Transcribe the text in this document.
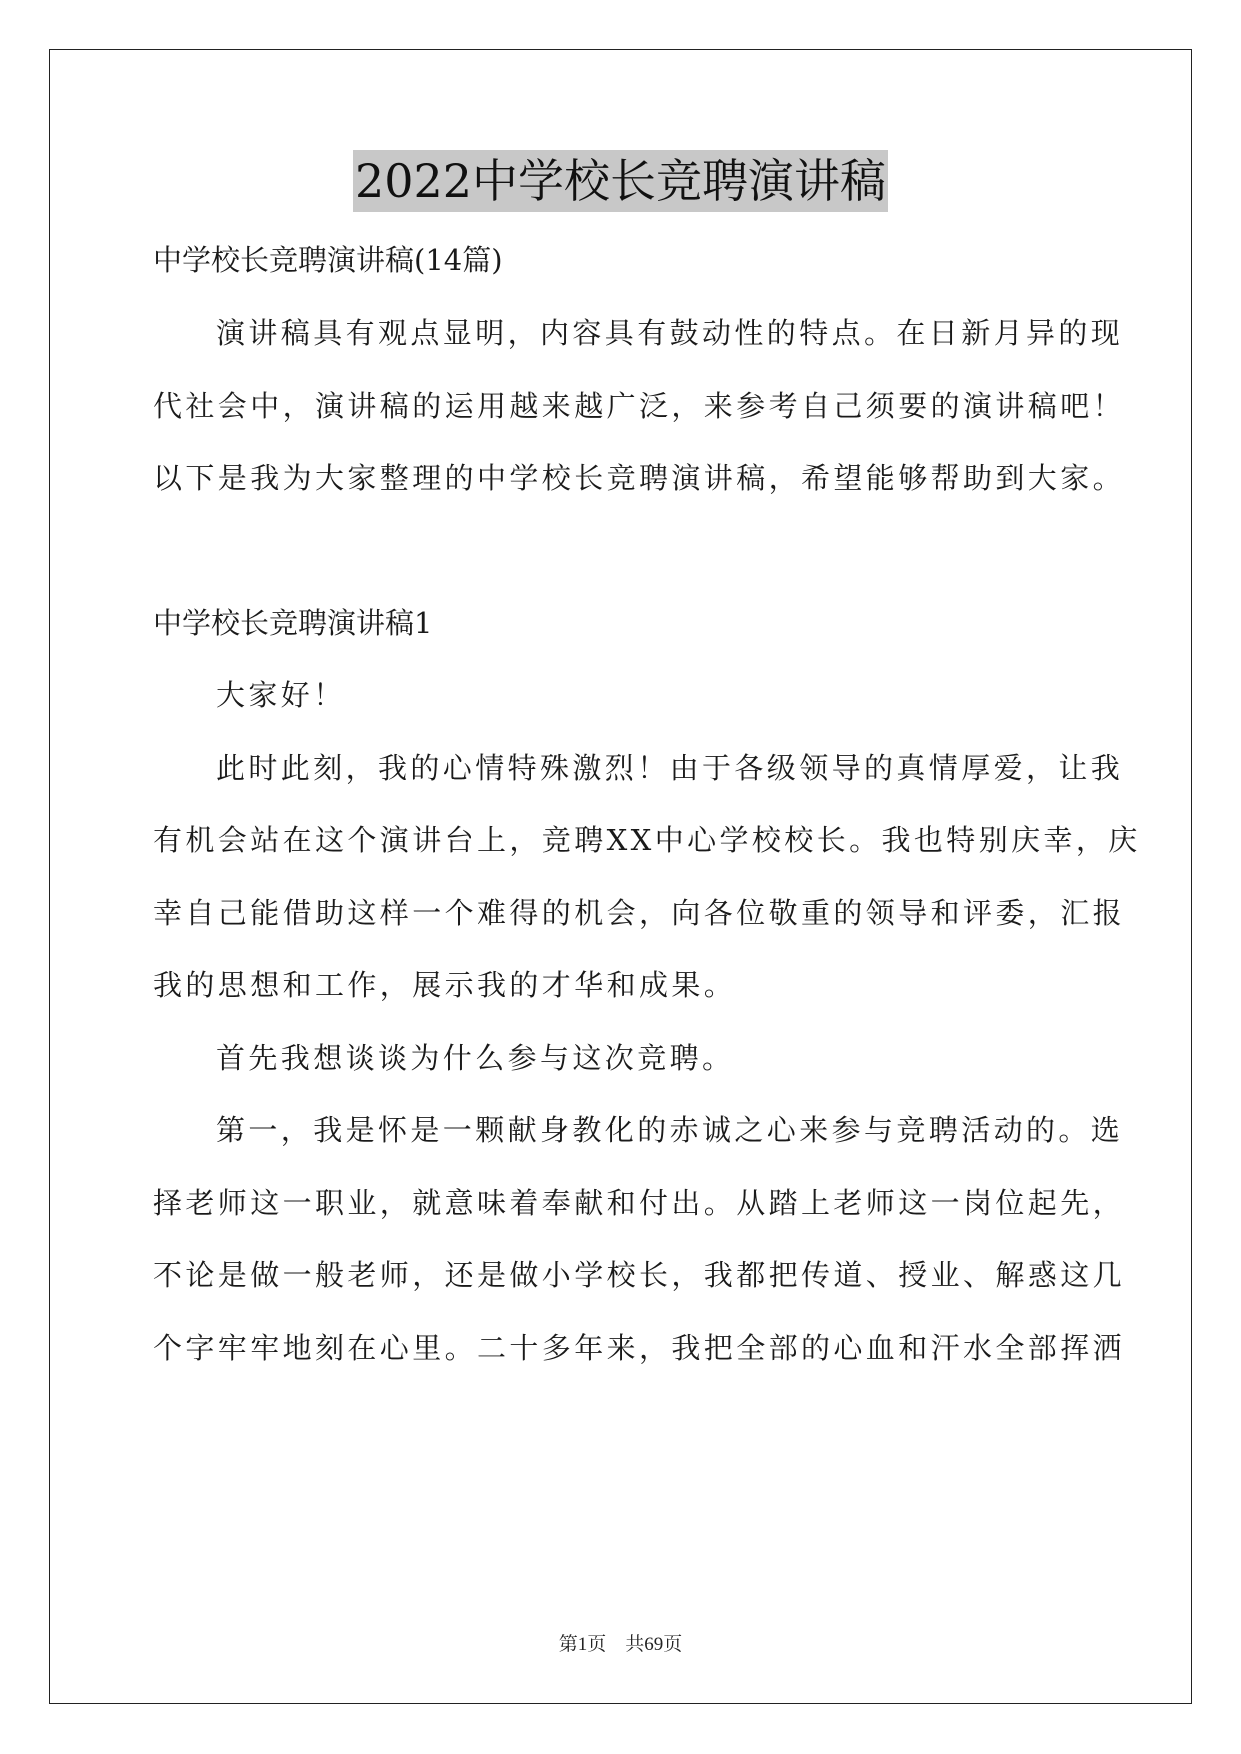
2022中学校长竞聘演讲稿
中学校长竞聘演讲稿(14篇)
演讲稿具有观点显明，内容具有鼓动性的特点。在日新月异的现
代社会中，演讲稿的运用越来越广泛，来参考自己须要的演讲稿吧！
以下是我为大家整理的中学校长竞聘演讲稿，希望能够帮助到大家。
中学校长竞聘演讲稿1
大家好！
此时此刻，我的心情特殊激烈！由于各级领导的真情厚爱，让我
有机会站在这个演讲台上，竞聘XX中心学校校长。我也特别庆幸，庆
幸自己能借助这样一个难得的机会，向各位敬重的领导和评委，汇报
我的思想和工作，展示我的才华和成果。
首先我想谈谈为什么参与这次竞聘。
第一，我是怀是一颗献身教化的赤诚之心来参与竞聘活动的。选
择老师这一职业，就意味着奉献和付出。从踏上老师这一岗位起先，
不论是做一般老师，还是做小学校长，我都把传道、授业、解惑这几
个字牢牢地刻在心里。二十多年来，我把全部的心血和汗水全部挥洒
第1页 共69页
